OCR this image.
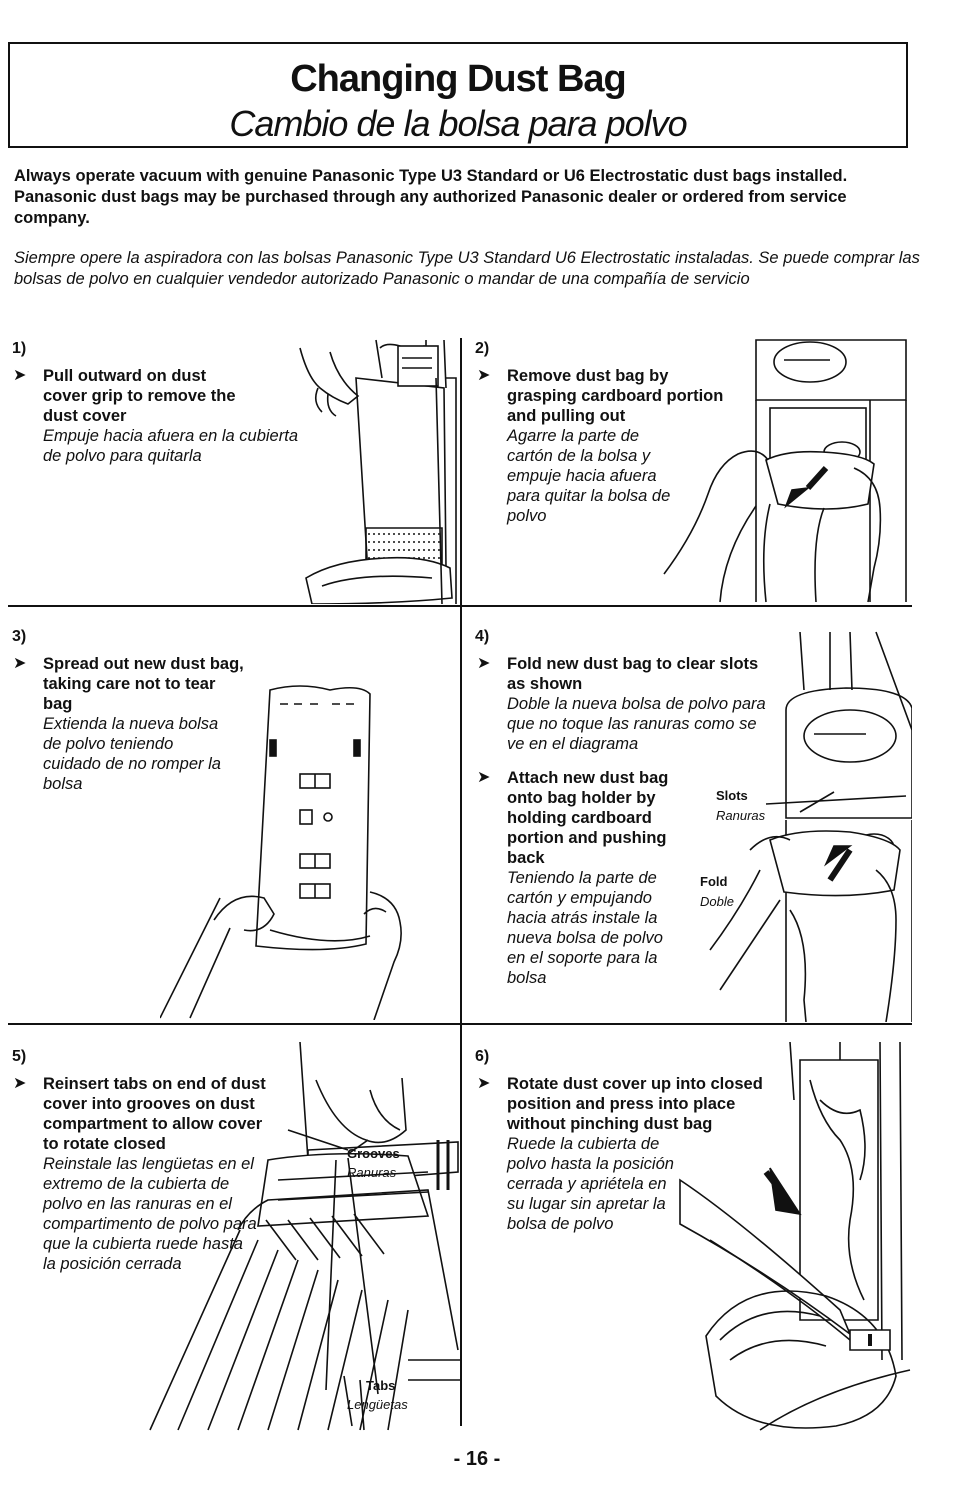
Changing Dust Bag
Cambio de la bolsa para polvo
Always operate vacuum with genuine Panasonic Type U3 Standard or U6 Electrostatic dust bags installed. Panasonic dust bags may be purchased through any authorized Panasonic dealer or ordered from service company.
Siempre opere la aspiradora con las bolsas Panasonic Type U3 Standard U6 Electrostatic instaladas. Se puede comprar las bolsas de polvo en cualquier vendedor autorizado Panasonic o mandar de una compañía de servicio
1)
➤ Pull outward on dust cover grip to remove the dust cover
Empuje hacia afuera en la cubierta de polvo para quitarla
2)
➤ Remove dust bag by grasping cardboard portion and pulling out
Agarre la parte de cartón de la bolsa y empuje hacia afuera para quitar la bolsa de polvo
3)
➤ Spread out new dust bag, taking care not to tear bag
Extienda la nueva bolsa de polvo teniendo cuidado de no romper la bolsa
4)
➤ Fold new dust bag to clear slots as shown
Doble la nueva bolsa de polvo para que no toque las ranuras como se ve en el diagrama
➤ Attach new dust bag onto bag holder by holding cardboard portion and pushing back
Teniendo la parte de cartón y empujando hacia atrás instale la nueva bolsa de polvo en el soporte para la bolsa
Slots
Ranuras
Fold
Doble
5)
➤ Reinsert tabs on end of dust cover into grooves on dust compartment to allow cover to rotate closed
Reinstale las lengüetas en el extremo de la cubierta de polvo en las ranuras en el compartimento de polvo para que la cubierta ruede hasta la posición cerrada
Grooves
Ranuras
Tabs
Lengüetas
6)
➤ Rotate dust cover up into closed position and press into place without pinching dust bag
Ruede la cubierta de polvo hasta la posición cerrada y apriétela en su lugar sin apretar la bolsa de polvo
- 16 -
